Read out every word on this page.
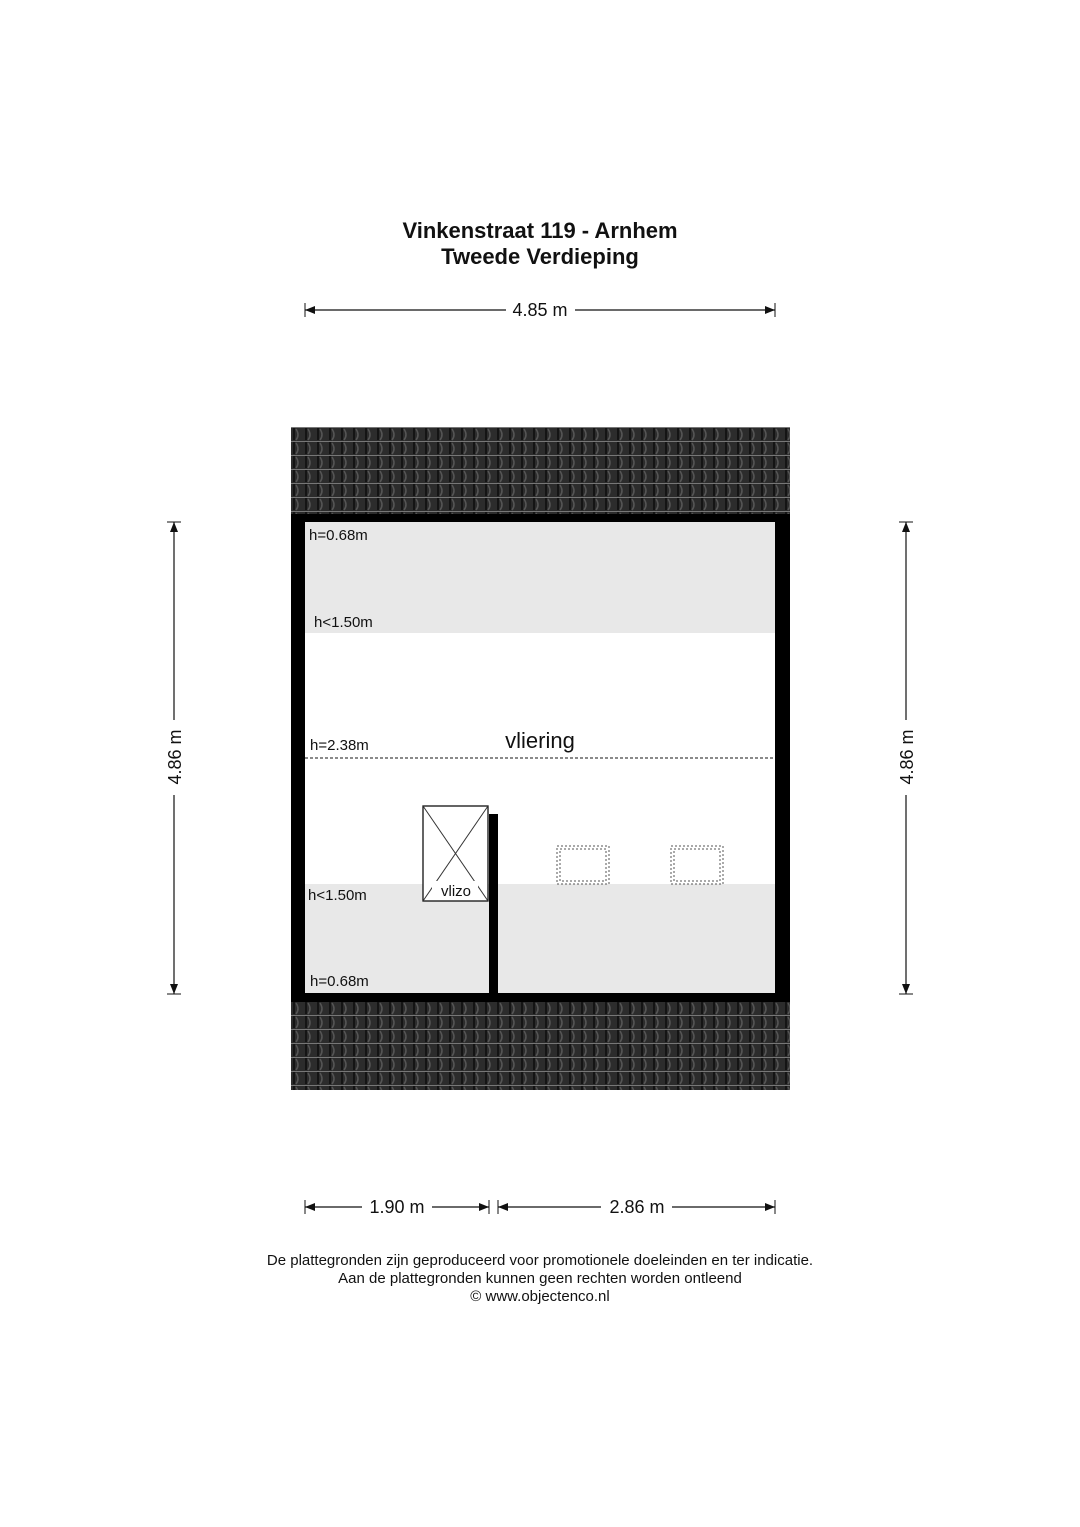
Vinkenstraat 119 - Arnhem
Tweede Verdieping
vlizo
h=0.68m
h<1.50m
h=2.38m
h<1.50m
h=0.68m
vliering
4.85 m
4.86 m	4.86 m
1.90 m	2.86 m
De plattegronden zijn geproduceerd voor promotionele doeleinden en ter indicatie.
Aan de plattegronden kunnen geen rechten worden ontleend
© www.objectenco.nl
